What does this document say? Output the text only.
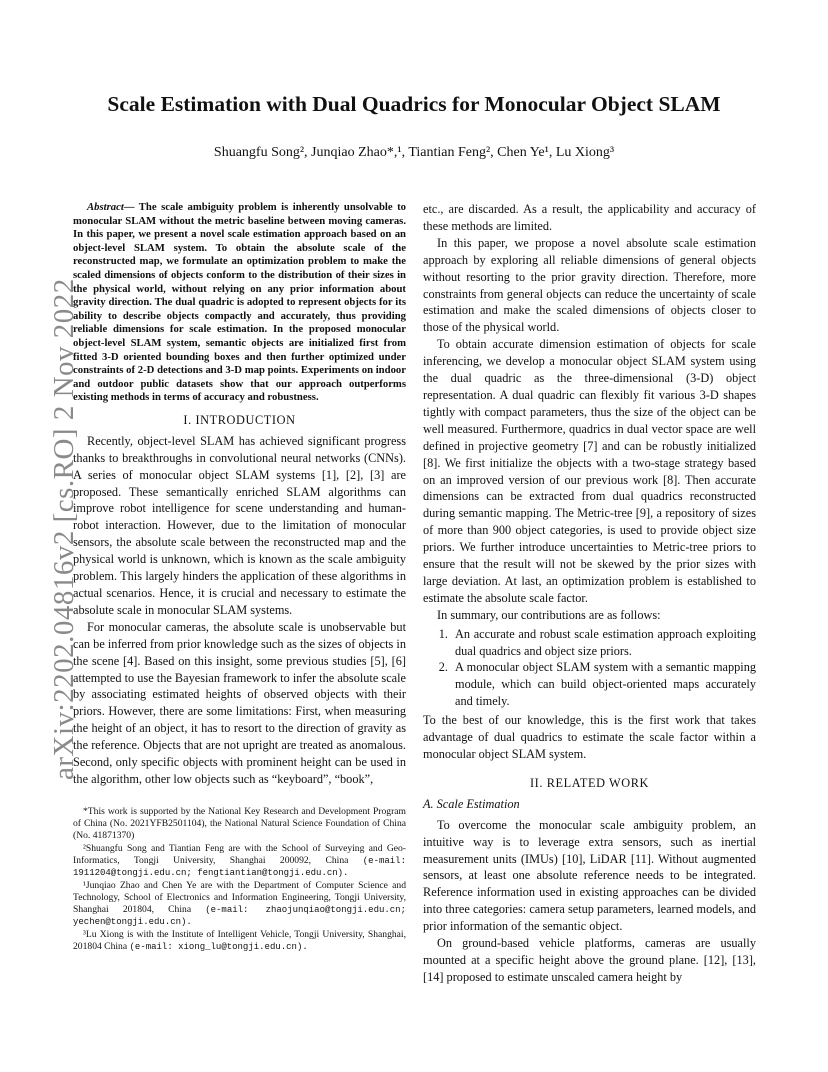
arXiv:2202.04816v2 [cs.RO] 2 Nov 2022
Scale Estimation with Dual Quadrics for Monocular Object SLAM
Shuangfu Song², Junqiao Zhao*,¹, Tiantian Feng², Chen Ye¹, Lu Xiong³

Abstract— The scale ambiguity problem is inherently unsolvable to monocular SLAM without the metric baseline between moving cameras. In this paper, we present a novel scale estimation approach based on an object-level SLAM system. To obtain the absolute scale of the reconstructed map, we formulate an optimization problem to make the scaled dimensions of objects conform to the distribution of their sizes in the physical world, without relying on any prior information about gravity direction. The dual quadric is adopted to represent objects for its ability to describe objects compactly and accurately, thus providing reliable dimensions for scale estimation. In the proposed monocular object-level SLAM system, semantic objects are initialized first from fitted 3-D oriented bounding boxes and then further optimized under constraints of 2-D detections and 3-D map points. Experiments on indoor and outdoor public datasets show that our approach outperforms existing methods in terms of accuracy and robustness.

I. INTRODUCTION

Recently, object-level SLAM has achieved significant progress thanks to breakthroughs in convolutional neural networks (CNNs). A series of monocular object SLAM systems [1], [2], [3] are proposed. These semantically enriched SLAM algorithms can improve robot intelligence for scene understanding and human-robot interaction. However, due to the limitation of monocular sensors, the absolute scale between the reconstructed map and the physical world is unknown, which is known as the scale ambiguity problem. This largely hinders the application of these algorithms in actual scenarios. Hence, it is crucial and necessary to estimate the absolute scale in monocular SLAM systems.

For monocular cameras, the absolute scale is unobservable but can be inferred from prior knowledge such as the sizes of objects in the scene [4]. Based on this insight, some previous studies [5], [6] attempted to use the Bayesian framework to infer the absolute scale by associating estimated heights of observed objects with their priors. However, there are some limitations: First, when measuring the height of an object, it has to resort to the direction of gravity as the reference. Objects that are not upright are treated as anomalous. Second, only specific objects with prominent height can be used in the algorithm, other low objects such as “keyboard”, “book”,

*This work is supported by the National Key Research and Development Program of China (No. 2021YFB2501104), the National Natural Science Foundation of China (No. 41871370)

²Shuangfu Song and Tiantian Feng are with the School of Surveying and Geo-Informatics, Tongji University, Shanghai 200092, China (e-mail: 1911204@tongji.edu.cn; fengtiantian@tongji.edu.cn).

¹Junqiao Zhao and Chen Ye are with the Department of Computer Science and Technology, School of Electronics and Information Engineering, Tongji University, Shanghai 201804, China (e-mail: zhaojunqiao@tongji.edu.cn; yechen@tongji.edu.cn).

³Lu Xiong is with the Institute of Intelligent Vehicle, Tongji University, Shanghai, 201804 China (e-mail: xiong_lu@tongji.edu.cn).

etc., are discarded. As a result, the applicability and accuracy of these methods are limited.

In this paper, we propose a novel absolute scale estimation approach by exploring all reliable dimensions of general objects without resorting to the prior gravity direction. Therefore, more constraints from general objects can reduce the uncertainty of scale estimation and make the scaled dimensions of objects closer to those of the physical world.

To obtain accurate dimension estimation of objects for scale inferencing, we develop a monocular object SLAM system using the dual quadric as the three-dimensional (3-D) object representation. A dual quadric can flexibly fit various 3-D shapes tightly with compact parameters, thus the size of the object can be well measured. Furthermore, quadrics in dual vector space are well defined in projective geometry [7] and can be robustly initialized [8]. We first initialize the objects with a two-stage strategy based on an improved version of our previous work [8]. Then accurate dimensions can be extracted from dual quadrics reconstructed during semantic mapping. The Metric-tree [9], a repository of sizes of more than 900 object categories, is used to provide object size priors. We further introduce uncertainties to Metric-tree priors to ensure that the result will not be skewed by the prior sizes with large deviation. At last, an optimization problem is established to estimate the absolute scale factor.

In summary, our contributions are as follows:

1. An accurate and robust scale estimation approach exploiting dual quadrics and object size priors.
2. A monocular object SLAM system with a semantic mapping module, which can build object-oriented maps accurately and timely.

To the best of our knowledge, this is the first work that takes advantage of dual quadrics to estimate the scale factor within a monocular object SLAM system.

II. RELATED WORK
A. Scale Estimation

To overcome the monocular scale ambiguity problem, an intuitive way is to leverage extra sensors, such as inertial measurement units (IMUs) [10], LiDAR [11]. Without augmented sensors, at least one absolute reference needs to be integrated. Reference information used in existing approaches can be divided into three categories: camera setup parameters, learned models, and prior information of the semantic object.

On ground-based vehicle platforms, cameras are usually mounted at a specific height above the ground plane. [12], [13], [14] proposed to estimate unscaled camera height by
